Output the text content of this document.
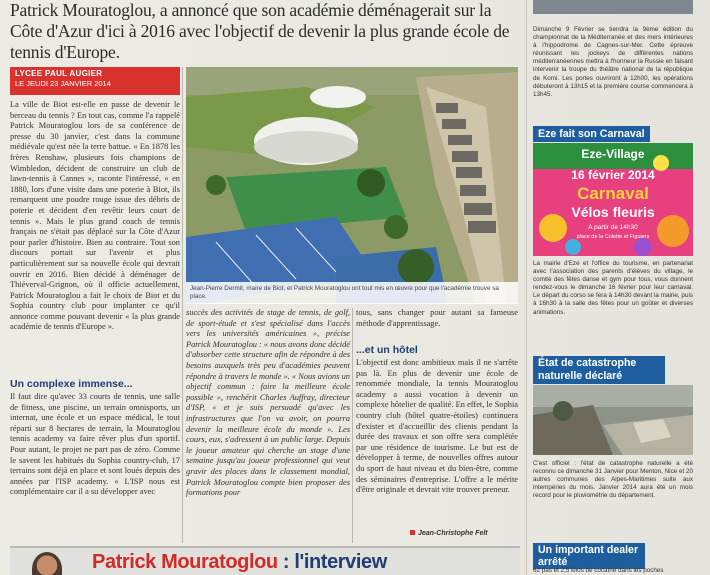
Patrick Mouratoglou, a annoncé que son académie déménagerait sur la Côte d'Azur d'ici à 2016 avec l'objectif de devenir la plus grande école de tennis d'Europe.
LYCEE PAUL AUGIER
LE JEUDI 23 JANVIER 2014

La ville de Biot est-elle en passe de devenir le berceau du tennis ? En tout cas, comme l'a rappelé Patrick Mouratoglou lors de sa conférence de presse du 30 janvier, c'est dans la commune médiévale qu'est née la terre battue. « En 1878 les frères Renshaw, plusieurs fois champions de Wimbledon, décident de construire un club de lawn-tennis à Cannes », raconte l'intéressé, « en 1880, lors d'une visite dans une poterie à Biot, ils remarquent une poudre rouge issue des débris de poterie et décident d'en revêtir leurs court de tennis ». Mais le plus grand coach de tennis français ne s'était pas déplacé sur la Côte d'Azur pour parler d'histoire. Bien au contraire. Tout son discours portait sur l'avenir et plus particulièrement sur sa nouvelle école qui devrait ouvrir en 2016. Bien décidé à déménager de Thiéverval-Grignon, où il officie actuellement, Patrick Mouratoglou a fait le choix de Biot et du Sophia country club pour implanter ce qu'il annonce comme pouvant devenir « la plus grande académie de tennis d'Europe ».

Un complexe immense...

Il faut dire qu'avec 33 courts de tennis, une salle de fitness, une piscine, un terrain omnisports, un internat, une école et un espace médical, le tout réparti sur 8 hectares de terrain, la Mouratoglou tennis academy va faire rêver plus d'un sportif. Pour autant, le projet ne part pas de zéro. Comme le savent les habitués du Sophia country-club, 17 terrains sont déjà en place et sont loués depuis des années par l'ISP academy. « L'ISP nous est complémentaire car il a su développer avec

Jean-Pierre Dermit, maire de Biot, et Patrick Mouratoglou ont tout mis en œuvre pour que l'académie trouve sa place.

succès des activités de stage de tennis, de golf, de sport-étude et s'est spécialisé dans l'accès vers les universités américaines », précise Patrick Mouratoglou : « nous avons donc décidé d'absorber cette structure afin de répondre à des besoins auxquels très peu d'académies peuvent répondre à travers le monde ». « Nous avions un objectif commun : faire la meilleure école possible », renchérit Charles Auffray, directeur d'ISP, « et je suis persuadé qu'avec les infrastructures que l'on va avoir, on pourra devenir la meilleure école du monde ». Les cours, eux, s'adressent à un public large. Depuis le joueur amateur qui cherche un stage d'une semaine jusqu'au joueur professionnel qui veut gravir des places dans le classement mondial, Patrick Mouratoglou compte bien proposer des formations pour

tous, sans changer pour autant sa fameuse méthode d'apprentissage.

...et un hôtel

L'objectif est donc ambitieux mais il ne s'arrête pas là. En plus de devenir une école de renommée mondiale, la tennis Mouratoglou academy a aussi vocation à devenir un complexe hôtelier de qualité. En effet, le Sophia country club (hôtel quatre-étoiles) continuera d'exister et d'accueillir des clients pendant la durée des travaux et son offre sera complétée par une résidence de tourisme. Le but est de développer à terme, de nouvelles offres autour du sport de haut niveau et du bien-être, comme des séminaires d'entreprise. L'offre a le mérite d'être originale et devrait vite trouver preneur.

Jean-Christophe Felt
Patrick Mouratoglou : l'interview
Dimanche 9 Février se tiendra la 9ème édition du championnat de la Méditerranée et des mers intérieures à l'hippodrome de Cagnes-sur-Mer. Cette épreuve réunissant les jockeys de différentes nations méditerranéennes mettra à l'honneur la Russie en faisant intervenir la troupe du théâtre national de la république de Komi. Les portes ouvriront à 12h00, les opérations débuteront à 13h15 et la première course commencera à 13h45.
Eze fait son Carnaval
Eze-Village
16 février 2014
Carnaval
Vélos fleuris
A partir de 14h30
place de la Colette et Figuiers
La mairie d'Eze et l'office du tourisme, en partenariat avec l'association des parents d'élèves du village, le comité des fêtes danse et gym pour tous, vous donnent rendez-vous le dimanche 16 février pour leur carnaval. Le départ du corso se fera à 14h30 devant la mairie, puis à 16h30 à la salle des fêtes pour un goûter et diverses animations.
État de catastrophe naturelle déclaré
C'est officiel : l'état de catastrophe naturelle a été reconnu ce dimanche 31 Janvier pour Menton, Nice et 20 autres communes des Alpes-Maritimes suite aux intempéries du mois. Janvier 2014 aura été un mois record pour le pluviométrie du département.
Un important dealer arrêté
62 pas et 2,5 kilos de cocaïne dans les poches
